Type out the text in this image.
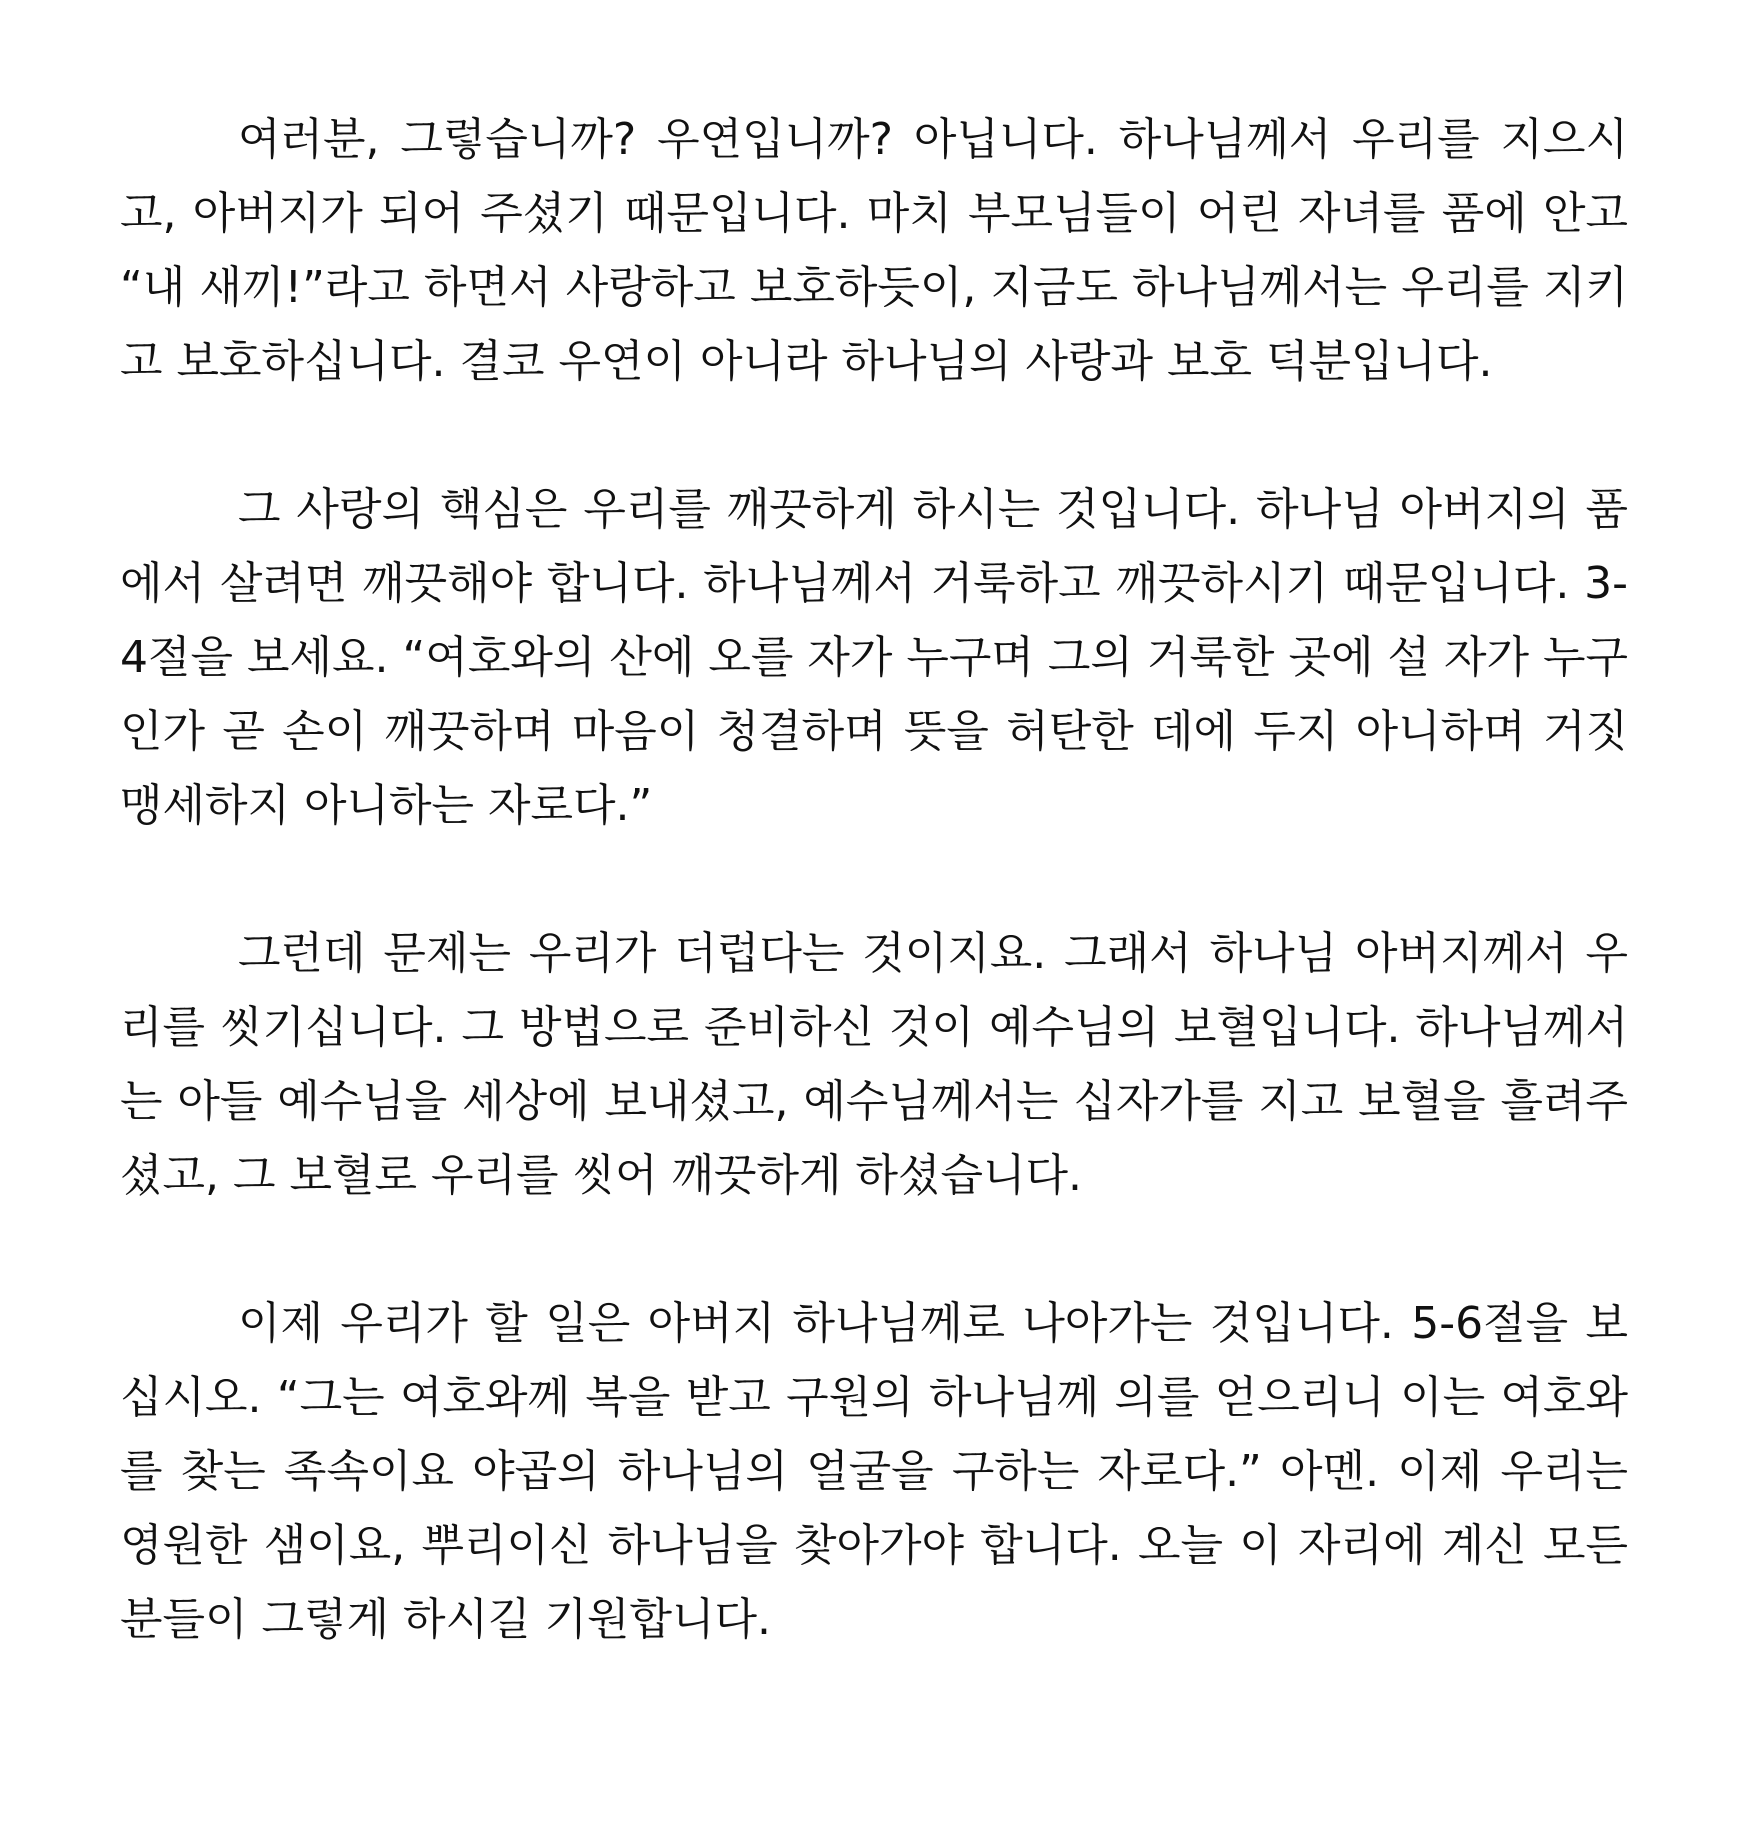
여러분, 그렇습니까? 우연입니까? 아닙니다. 하나님께서 우리를 지으시고, 아버지가 되어 주셨기 때문입니다. 마치 부모님들이 어린 자녀를 품에 안고 “내 새끼!”라고 하면서 사랑하고 보호하듯이, 지금도 하나님께서는 우리를 지키고 보호하십니다. 결코 우연이 아니라 하나님의 사랑과 보호 덕분입니다.

그 사랑의 핵심은 우리를 깨끗하게 하시는 것입니다. 하나님 아버지의 품에서 살려면 깨끗해야 합니다. 하나님께서 거룩하고 깨끗하시기 때문입니다. 3-4절을 보세요. “여호와의 산에 오를 자가 누구며 그의 거룩한 곳에 설 자가 누구인가 곧 손이 깨끗하며 마음이 청결하며 뜻을 허탄한 데에 두지 아니하며 거짓 맹세하지 아니하는 자로다.”

그런데 문제는 우리가 더럽다는 것이지요. 그래서 하나님 아버지께서 우리를 씻기십니다. 그 방법으로 준비하신 것이 예수님의 보혈입니다. 하나님께서는 아들 예수님을 세상에 보내셨고, 예수님께서는 십자가를 지고 보혈을 흘려주셨고, 그 보혈로 우리를 씻어 깨끗하게 하셨습니다.

이제 우리가 할 일은 아버지 하나님께로 나아가는 것입니다. 5-6절을 보십시오. “그는 여호와께 복을 받고 구원의 하나님께 의를 얻으리니 이는 여호와를 찾는 족속이요 야곱의 하나님의 얼굴을 구하는 자로다.” 아멘. 이제 우리는 영원한 샘이요, 뿌리이신 하나님을 찾아가야 합니다. 오늘 이 자리에 계신 모든 분들이 그렇게 하시길 기원합니다.
